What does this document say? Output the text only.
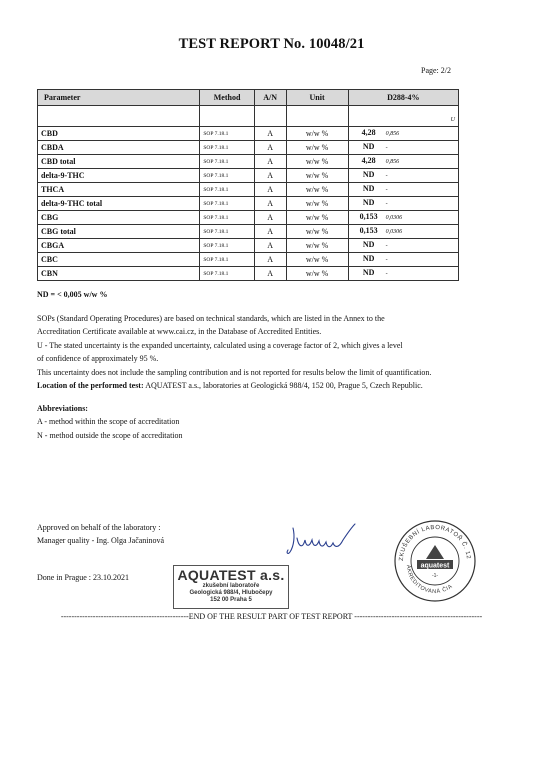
TEST REPORT No. 10048/21
Page: 2/2
Parameter	Method	A/N	Unit	D288-4%
				U
CBD	SOP 7.18.1	A	w/w %	4,28 0,856
CBDA	SOP 7.18.1	A	w/w %	ND -
CBD total	SOP 7.18.1	A	w/w %	4,28 0,856
delta-9-THC	SOP 7.18.1	A	w/w %	ND -
THCA	SOP 7.18.1	A	w/w %	ND -
delta-9-THC total	SOP 7.18.1	A	w/w %	ND -
CBG	SOP 7.18.1	A	w/w %	0,153 0,0306
CBG total	SOP 7.18.1	A	w/w %	0,153 0,0306
CBGA	SOP 7.18.1	A	w/w %	ND -
CBC	SOP 7.18.1	A	w/w %	ND -
CBN	SOP 7.18.1	A	w/w %	ND -
ND = < 0,005 w/w %

SOPs (Standard Operating Procedures) are based on technical standards, which are listed in the Annex to the

Accreditation Certificate available at www.cai.cz, in the Database of Accredited Entities.

U - The stated uncertainty is the expanded uncertainty, calculated using a coverage factor of 2, which gives a level

of confidence of approximately 95 %.

This uncertainty does not include the sampling contribution and is not reported for results below the limit of quantification.

Location of the performed test: AQUATEST a.s., laboratories at Geologická 988/4, 152 00, Prague 5, Czech Republic.

Abbreviations:

A - method within the scope of accreditation

N - method outside the scope of accreditation

Approved on behalf of the laboratory :

Manager quality - Ing. Olga Jačaninová

Done in Prague : 23.10.2021	AQUATEST a.s.
zkušební laboratoře
Geologická 988/4, Hlubočepy
152 00 Praha 5
ZKUŠEBNÍ LABORATOŘ Č. 12
AKREDITOVANÁ ČIA
aquatest
-1-
------------------------------------------------END OF THE RESULT PART OF TEST REPORT ------------------------------------------------
